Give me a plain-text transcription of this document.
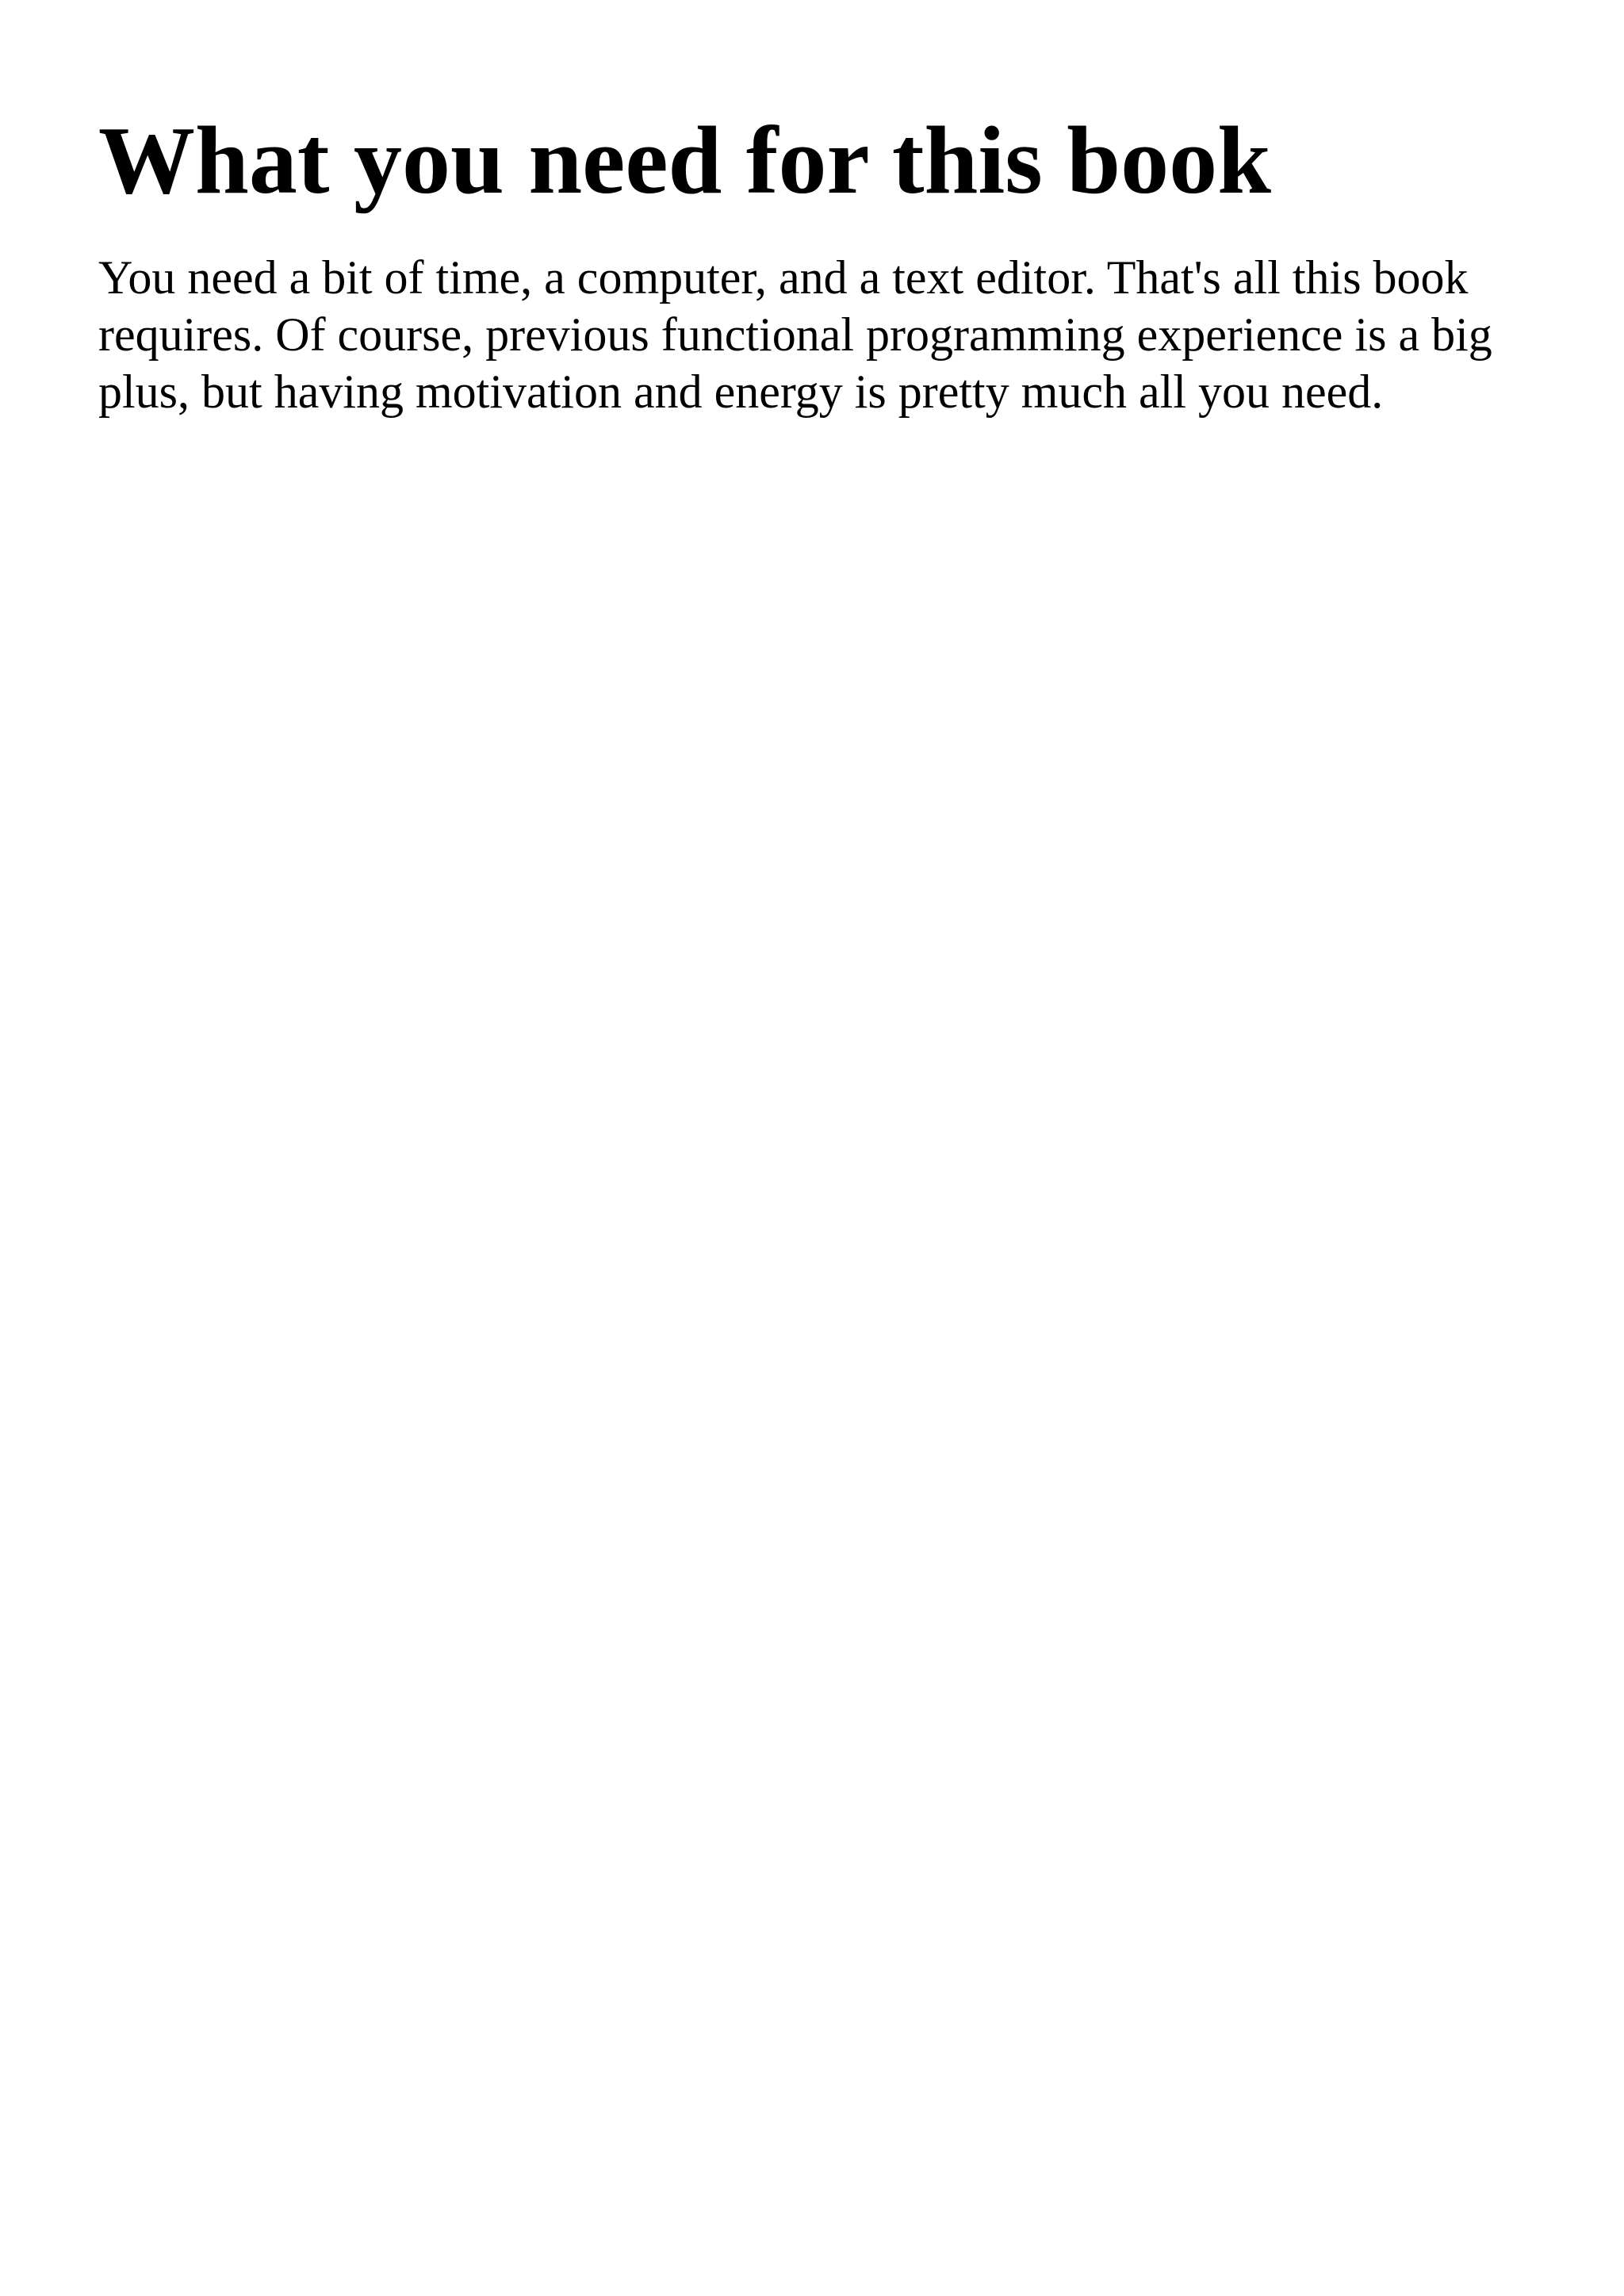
What you need for this book

You need a bit of time, a computer, and a text editor. That's all this book requires. Of course, previous functional programming experience is a big plus, but having motivation and energy is pretty much all you need.
